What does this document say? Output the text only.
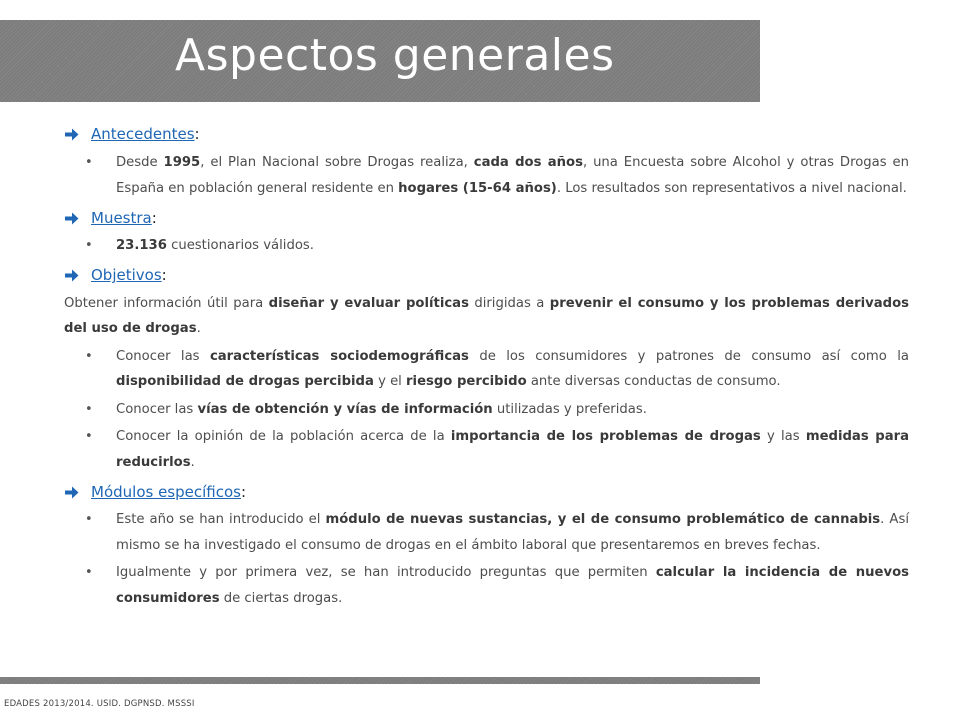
Aspectos generales
Antecedentes :
• Desde 1995, el Plan Nacional sobre Drogas realiza, cada dos años, una Encuesta sobre Alcohol y otras Drogas en España en población general residente en hogares (15-64 años). Los resultados son representativos a nivel nacional.
Muestra :
• 23.136 cuestionarios válidos.
Objetivos :
Obtener información útil para diseñar y evaluar políticas dirigidas a prevenir el consumo y los problemas derivados del uso de drogas.
• Conocer las características sociodemográficas de los consumidores y patrones de consumo así como la disponibilidad de drogas percibida y el riesgo percibido ante diversas conductas de consumo.
• Conocer las vías de obtención y vías de información utilizadas y preferidas.
• Conocer la opinión de la población acerca de la importancia de los problemas de drogas y las medidas para reducirlos.
Módulos específicos :
• Este año se han introducido el módulo de nuevas sustancias, y el de consumo problemático de cannabis. Así mismo se ha investigado el consumo de drogas en el ámbito laboral que presentaremos en breves fechas.
• Igualmente y por primera vez, se han introducido preguntas que permiten calcular la incidencia de nuevos consumidores de ciertas drogas.
EDADES 2013/2014. USID. DGPNSD. MSSSI
